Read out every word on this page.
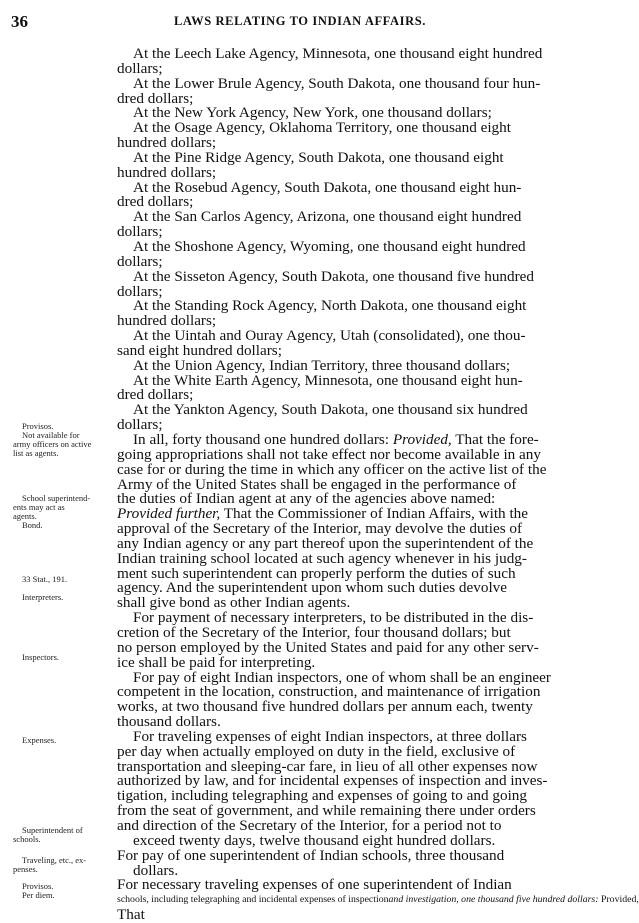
36	LAWS RELATING TO INDIAN AFFAIRS.
Provisos.
Not available for
army officers on active
list as agents.
School superintend-
ents may act as
agents.
Bond.
33 Stat., 191.
Interpreters.
Inspectors.
Expenses.
Superintendent of
schools.
Traveling, etc., ex-
penses.
Provisos.
Per diem.
At the Leech Lake Agency, Minnesota, one thousand eight hundred
dollars;
At the Lower Brule Agency, South Dakota, one thousand four hun-
dred dollars;
At the New York Agency, New York, one thousand dollars;
At the Osage Agency, Oklahoma Territory, one thousand eight
hundred dollars;
At the Pine Ridge Agency, South Dakota, one thousand eight
hundred dollars;
At the Rosebud Agency, South Dakota, one thousand eight hun-
dred dollars;
At the San Carlos Agency, Arizona, one thousand eight hundred
dollars;
At the Shoshone Agency, Wyoming, one thousand eight hundred
dollars;
At the Sisseton Agency, South Dakota, one thousand five hundred
dollars;
At the Standing Rock Agency, North Dakota, one thousand eight
hundred dollars;
At the Uintah and Ouray Agency, Utah (consolidated), one thou-
sand eight hundred dollars;
At the Union Agency, Indian Territory, three thousand dollars;
At the White Earth Agency, Minnesota, one thousand eight hun-
dred dollars;
At the Yankton Agency, South Dakota, one thousand six hundred
dollars;
In all, forty thousand one hundred dollars: Provided, That the fore-
going appropriations shall not take effect nor become available in any
case for or during the time in which any officer on the active list of the
Army of the United States shall be engaged in the performance of
the duties of Indian agent at any of the agencies above named:
Provided further, That the Commissioner of Indian Affairs, with the
approval of the Secretary of the Interior, may devolve the duties of
any Indian agency or any part thereof upon the superintendent of the
Indian training school located at such agency whenever in his judg-
ment such superintendent can properly perform the duties of such
agency. And the superintendent upon whom such duties devolve
shall give bond as other Indian agents.
For payment of necessary interpreters, to be distributed in the dis-
cretion of the Secretary of the Interior, four thousand dollars; but
no person employed by the United States and paid for any other serv-
ice shall be paid for interpreting.
For pay of eight Indian inspectors, one of whom shall be an engineer
competent in the location, construction, and maintenance of irrigation
works, at two thousand five hundred dollars per annum each, twenty
thousand dollars.
For traveling expenses of eight Indian inspectors, at three dollars
per day when actually employed on duty in the field, exclusive of
transportation and sleeping-car fare, in lieu of all other expenses now
authorized by law, and for incidental expenses of inspection and inves-
tigation, including telegraphing and expenses of going to and going
from the seat of government, and while remaining there under orders
and direction of the Secretary of the Interior, for a period not to
exceed twenty days, twelve thousand eight hundred dollars.
For pay of one superintendent of Indian schools, three thousand
dollars.
For necessary traveling expenses of one superintendent of Indian
schools, including telegraphing and incidental expenses of inspectionand investigation, one thousand five hundred dollars: Provided,
That
